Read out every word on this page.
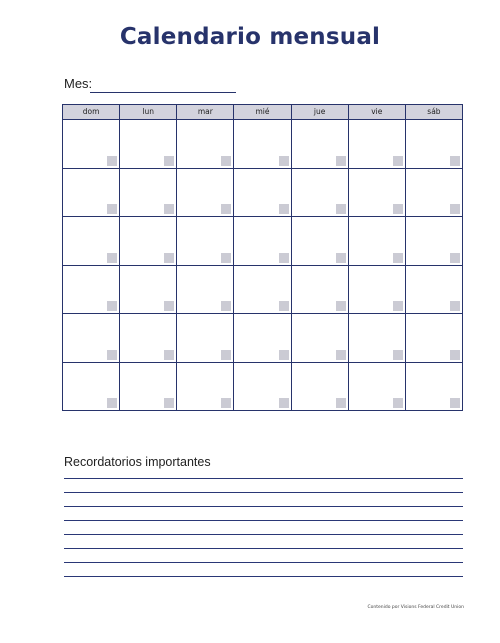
Calendario mensual
Mes:
dom	lun	mar	mié	jue	vie	sáb
Recordatorios importantes
Contenido por Visions Federal Credit Union
